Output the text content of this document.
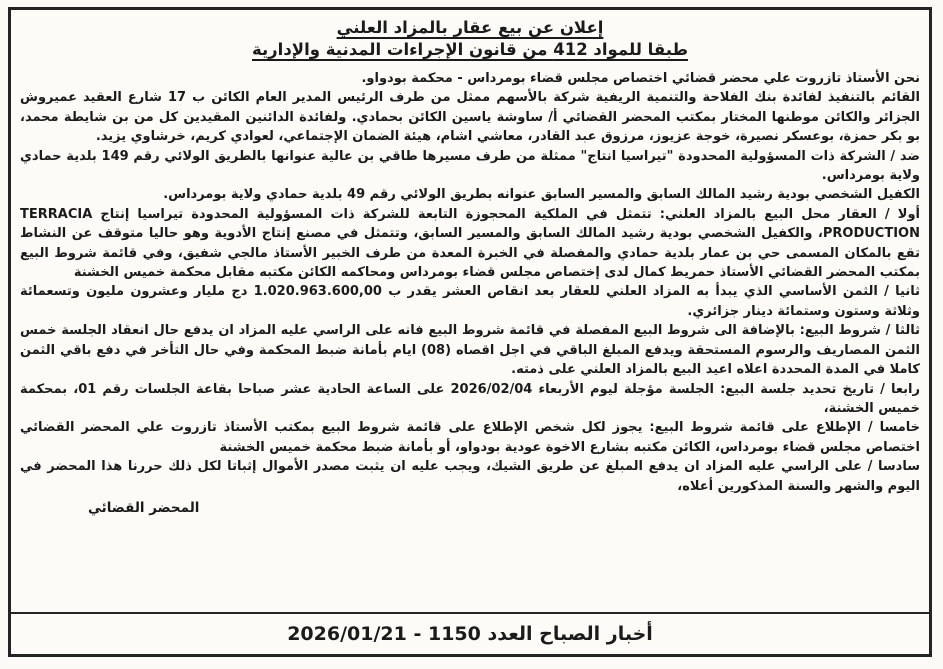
إعلان عن بيع عقار بالمزاد العلني
طبقا للمواد 412 من قانون الإجراءات المدنية والإدارية

نحن الأستاذ تازروت علي محضر قضائي اختصاص مجلس قضاء بومرداس - محكمة بودواو.

القائم بالتنفيذ لفائدة بنك الفلاحة والتنمية الريفية شركة بالأسهم ممثل من طرف الرئيس المدير العام الكائن ب 17 شارع العقيد عميروش الجزائر والكائن موطنها المختار بمكتب المحضر القضائي أ/ ساوشة ياسين الكائن بحمادي. ولفائدة الدائنين المقيدين كل من بن شايطة محمد، بو بكر حمزة، بوعسكر نصيرة، خوجة عزيوز، مرزوق عبد القادر، معاشي اشام، هيئة الضمان الإجتماعي، لعوادي كريم، خرشاوي يزيد.

ضد / الشركة ذات المسؤولية المحدودة "تيراسيا انتاج" ممثلة من طرف مسيرها طاقي بن عالية عنوانها بالطريق الولائي رقم 149 بلدية حمادي ولاية بومرداس.

الكفيل الشخصي بودية رشيد المالك السابق والمسير السابق عنوانه بطريق الولائي رقم 49 بلدية حمادي ولاية بومرداس.

أولا / العقار محل البيع بالمزاد العلني: تتمثل في الملكية المحجوزة التابعة للشركة ذات المسؤولية المحدودة تيراسيا إنتاج TERRACIA PRODUCTION، والكفيل الشخصي بودية رشيد المالك السابق والمسير السابق، وتتمثل في مصنع إنتاج الأدوية وهو حاليا متوقف عن النشاط تقع بالمكان المسمى حي بن عمار بلدية حمادي والمفصلة في الخبرة المعدة من طرف الخبير الأستاذ مالجي شفيق، وفي قائمة شروط البيع بمكتب المحضر القضائي الأستاذ حمريط كمال لدى إختصاص مجلس قضاء بومرداس ومحاكمه الكائن مكتبه مقابل محكمة خميس الخشنة

ثانيا / الثمن الأساسي الذي يبدأ به المزاد العلني للعقار بعد انقاص العشر يقدر ب 1.020.963.600,00 دج مليار وعشرون مليون وتسعمائة وثلاثة وستون وستمائة دينار جزائري.

ثالثا / شروط البيع: بالإضافة الى شروط البيع المفصلة في قائمة شروط البيع فانه على الراسي عليه المزاد ان يدفع حال انعقاد الجلسة خمس الثمن المصاريف والرسوم المستحقة ويدفع المبلغ الباقي في اجل اقصاه (08) ايام بأمانة ضبط المحكمة وفي حال التأخر في دفع باقي الثمن كاملا في المدة المحددة اعلاه اعيد البيع بالمزاد العلني على ذمته.

رابعا / تاريخ تحديد جلسة البيع: الجلسة مؤجلة ليوم الأربعاء 2026/02/04 على الساعة الحادية عشر صباحا بقاعة الجلسات رقم 01، بمحكمة خميس الخشنة،

خامسا / الإطلاع على قائمة شروط البيع: يجوز لكل شخص الإطلاع على قائمة شروط البيع بمكتب الأستاذ تازروت علي المحضر القضائي اختصاص مجلس قضاء بومرداس، الكائن مكتبه بشارع الاخوة عودية بودواو، أو بأمانة ضبط محكمة خميس الخشنة

سادسا / على الراسي عليه المزاد ان يدفع المبلغ عن طريق الشيك، ويجب عليه ان يثبت مصدر الأموال إثباتا لكل ذلك حررنا هذا المحضر في اليوم والشهر والسنة المذكورين أعلاه،

المحضر القضائي
أخبار الصباح العدد 1150 - 2026/01/21
